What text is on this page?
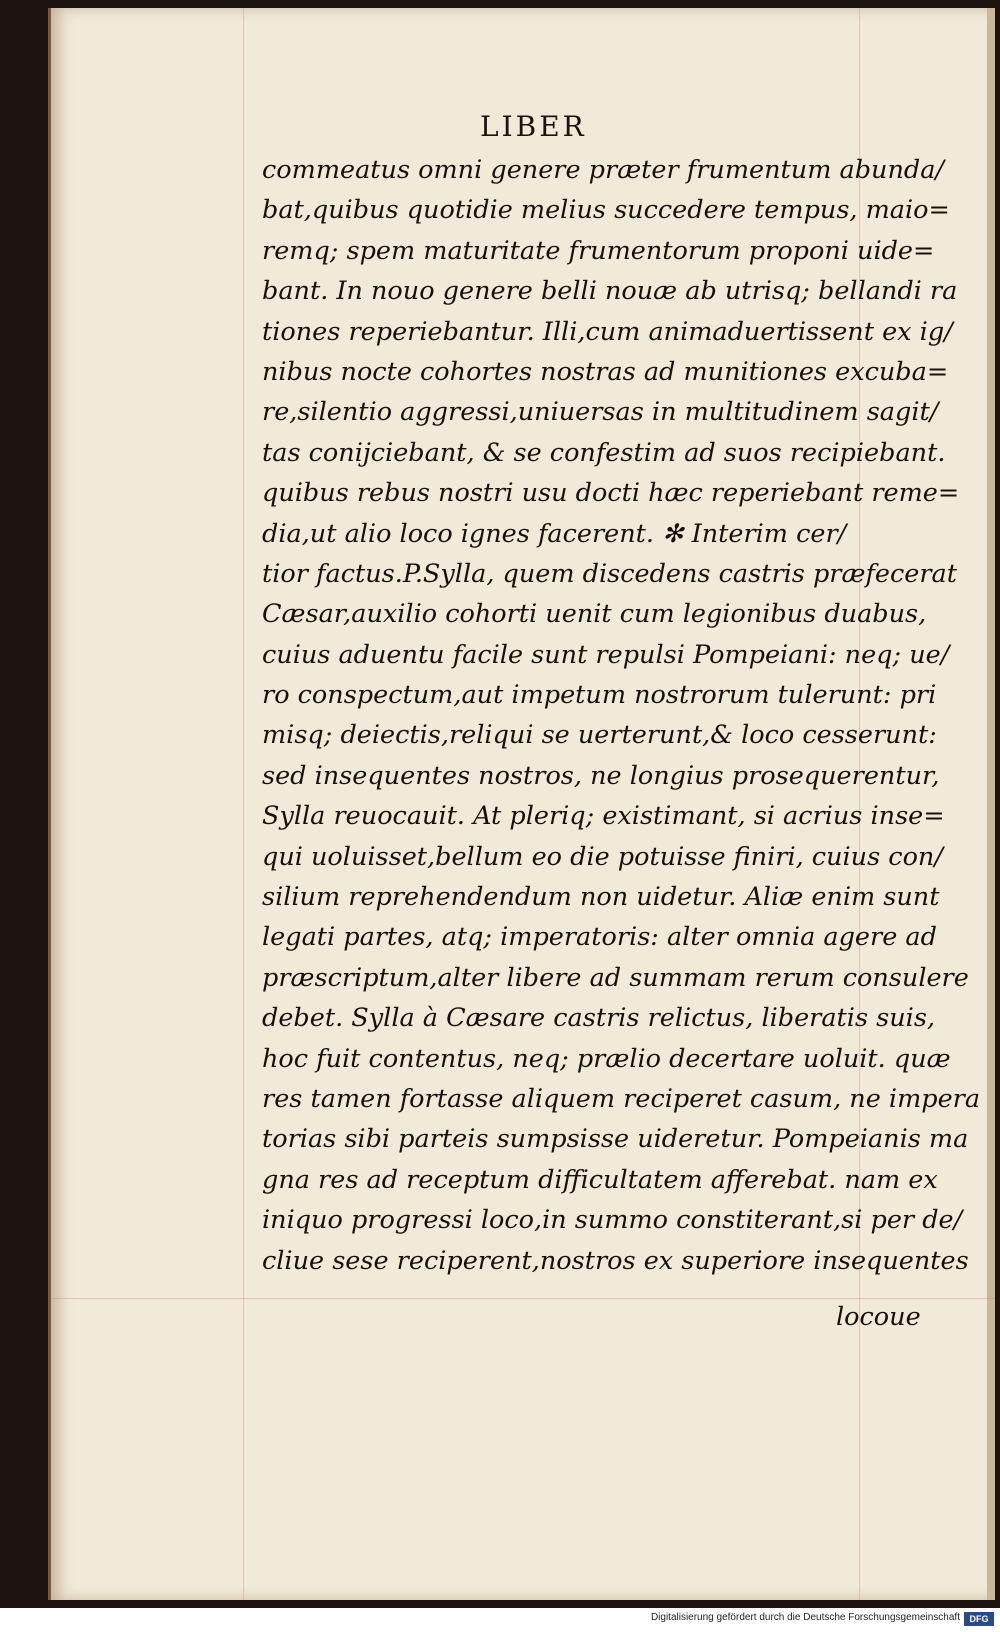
LIBER
commeatus omni genere præter frumentum abunda/
bat,quibus quotidie melius succedere tempus, maio=
remq; spem maturitate frumentorum proponi uide=
bant. In nouo genere belli nouæ ab utrisq; bellandi ra
tiones reperiebantur. Illi,cum animaduertissent ex ig/
nibus nocte cohortes nostras ad munitiones excuba=
re,silentio aggressi,uniuersas in multitudinem sagit/
tas conijciebant, & se confestim ad suos recipiebant.
quibus rebus nostri usu docti hæc reperiebant reme=
dia,ut alio loco ignes facerent. ✻ Interim cer/
tior factus.P.Sylla, quem discedens castris præfecerat
Cæsar,auxilio cohorti uenit cum legionibus duabus,
cuius aduentu facile sunt repulsi Pompeiani: neq; ue/
ro conspectum,aut impetum nostrorum tulerunt: pri
misq; deiectis,reliqui se uerterunt,& loco cesserunt:
sed insequentes nostros, ne longius prosequerentur,
Sylla reuocauit. At pleriq; existimant, si acrius inse=
qui uoluisset,bellum eo die potuisse finiri, cuius con/
silium reprehendendum non uidetur. Aliæ enim sunt
legati partes, atq; imperatoris: alter omnia agere ad
præscriptum,alter libere ad summam rerum consulere
debet. Sylla à Cæsare castris relictus, liberatis suis,
hoc fuit contentus, neq; prælio decertare uoluit. quæ
res tamen fortasse aliquem reciperet casum, ne impera
torias sibi parteis sumpsisse uideretur. Pompeianis ma
gna res ad receptum difficultatem afferebat. nam ex
iniquo progressi loco,in summo constiterant,si per de/
cliue sese reciperent,nostros ex superiore insequentes
locoue
Digitalisierung gefördert durch die Deutsche Forschungsgemeinschaft	DFG
